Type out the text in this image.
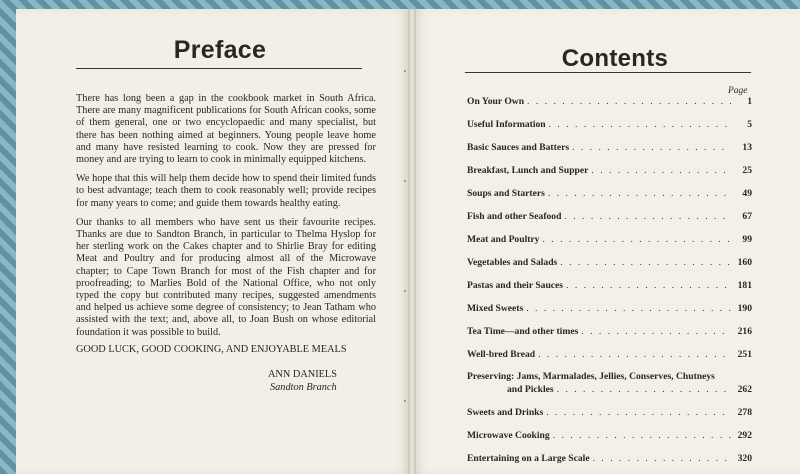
Preface

There has long been a gap in the cookbook market in South Africa. There are many magnificent publications for South African cooks, some of them general, one or two encyclopaedic and many specialist, but there has been nothing aimed at beginners. Young people leave home and many have resisted learning to cook. Now they are pressed for money and are trying to learn to cook in minimally equipped kitchens.

We hope that this will help them decide how to spend their limited funds to best advantage; teach them to cook reasonably well; provide recipes for many years to come; and guide them towards healthy eating.

Our thanks to all members who have sent us their favourite recipes. Thanks are due to Sandton Branch, in particular to Thelma Hyslop for her sterling work on the Cakes chapter and to Shirlie Bray for editing Meat and Poultry and for producing almost all of the Microwave chapter; to Cape Town Branch for most of the Fish chapter and for proofreading; to Marlies Bold of the National Office, who not only typed the copy but contributed many recipes, suggested amendments and helped us achieve some degree of consistency; to Jean Tatham who assisted with the text; and, above all, to Joan Bush on whose editorial foundation it was possible to build.

GOOD LUCK, GOOD COOKING, AND ENJOYABLE MEALS
ANN DANIELS
Sandton Branch
Contents
Page
On Your Own . . .	1
Useful Information . . .	5
Basic Sauces and Batters . . .	13
Breakfast, Lunch and Supper . . .	25
Soups and Starters . . .	49
Fish and other Seafood . . .	67
Meat and Poultry . . .	99
Vegetables and Salads . . .	160
Pastas and their Sauces . . .	181
Mixed Sweets . . .	190
Tea Time—and other times . . .	216
Well-bred Bread . . .	251
Preserving: Jams, Marmalades, Jellies, Conserves, Chutneys
and Pickles . . .	262
Sweets and Drinks . . .	278
Microwave Cooking . . .	292
Entertaining on a Large Scale . . .	320
